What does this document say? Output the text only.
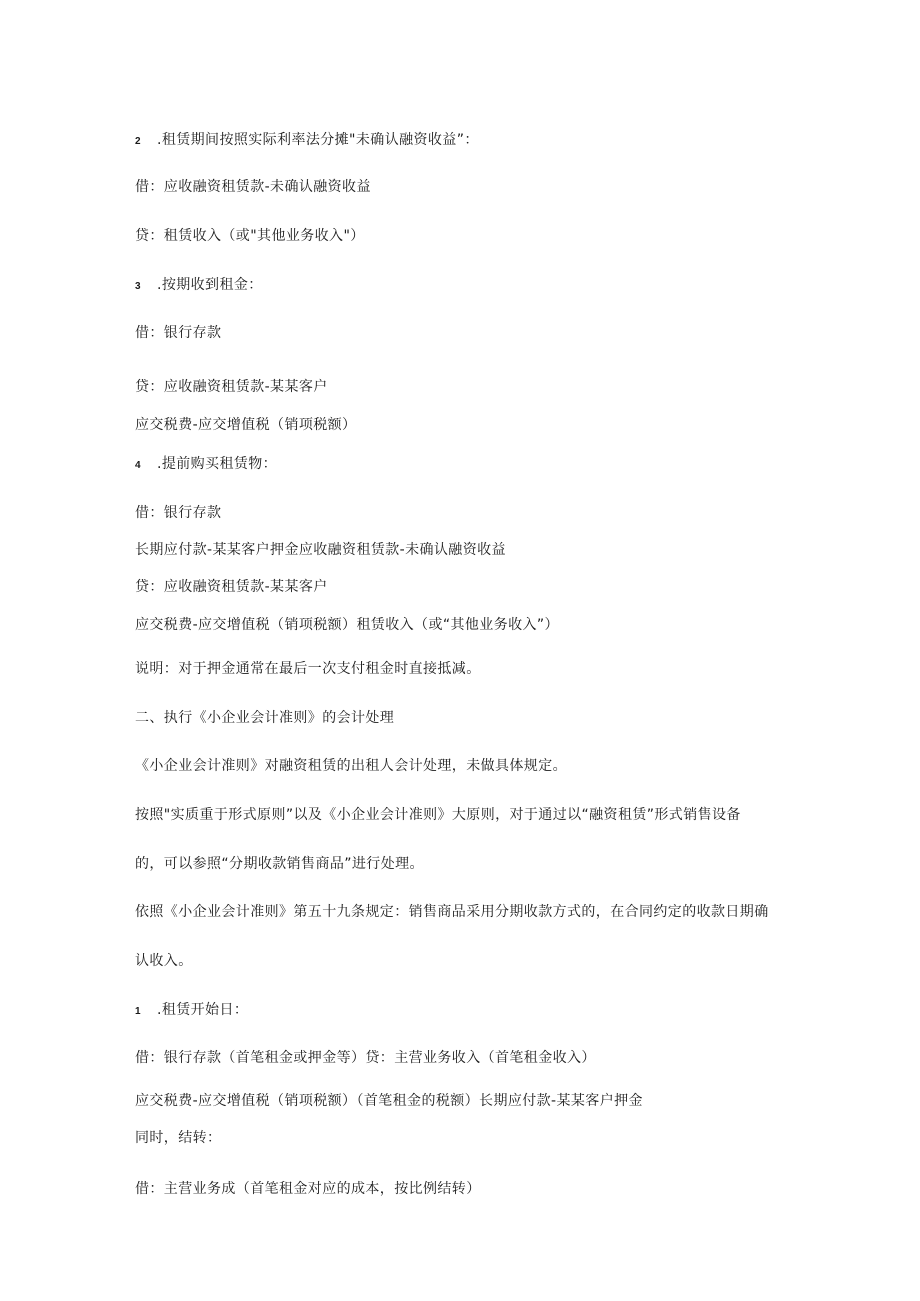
2 .租赁期间按照实际利率法分摊"未确认融资收益”：
借：应收融资租赁款-未确认融资收益
贷：租赁收入（或"其他业务收入"）
3 .按期收到租金：
借：银行存款
贷：应收融资租赁款-某某客户
应交税费-应交增值税（销项税额）
4 .提前购买租赁物：
借：银行存款
长期应付款-某某客户押金应收融资租赁款-未确认融资收益
贷：应收融资租赁款-某某客户
应交税费-应交增值税（销项税额）租赁收入（或“其他业务收入”）
说明：对于押金通常在最后一次支付租金时直接抵减。
二、执行《小企业会计准则》的会计处理
《小企业会计准则》对融资租赁的出租人会计处理，未做具体规定。
按照"实质重于形式原则”以及《小企业会计准则》大原则，对于通过以“融资租赁”形式销售设备
的，可以参照“分期收款销售商品”进行处理。
依照《小企业会计准则》第五十九条规定：销售商品采用分期收款方式的，在合同约定的收款日期确
认收入。
1 .租赁开始日：
借：银行存款（首笔租金或押金等）贷：主营业务收入（首笔租金收入）
应交税费-应交增值税（销项税额）（首笔租金的税额）长期应付款-某某客户押金
同时，结转：
借：主营业务成（首笔租金对应的成本，按比例结转）
